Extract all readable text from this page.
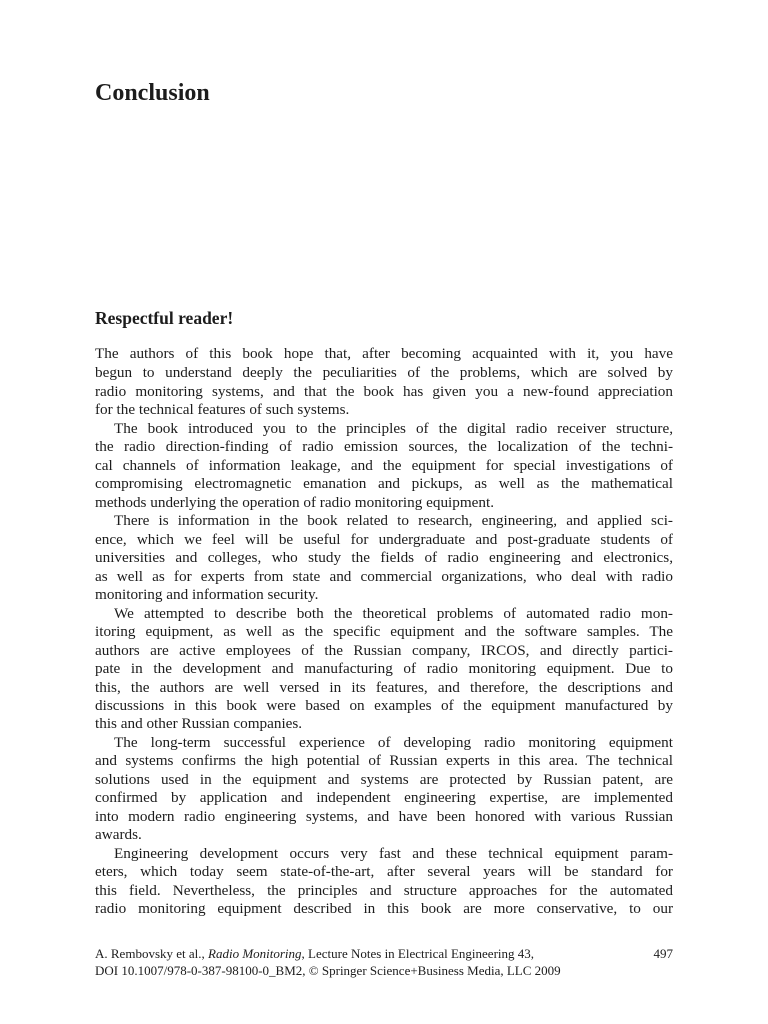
Conclusion
Respectful reader!
The authors of this book hope that, after becoming acquainted with it, you have
begun to understand deeply the peculiarities of the problems, which are solved by
radio monitoring systems, and that the book has given you a new-found appreciation
for the technical features of such systems.
The book introduced you to the principles of the digital radio receiver structure,
the radio direction-finding of radio emission sources, the localization of the techni-
cal channels of information leakage, and the equipment for special investigations of
compromising electromagnetic emanation and pickups, as well as the mathematical
methods underlying the operation of radio monitoring equipment.
There is information in the book related to research, engineering, and applied sci-
ence, which we feel will be useful for undergraduate and post-graduate students of
universities and colleges, who study the fields of radio engineering and electronics,
as well as for experts from state and commercial organizations, who deal with radio
monitoring and information security.
We attempted to describe both the theoretical problems of automated radio mon-
itoring equipment, as well as the specific equipment and the software samples. The
authors are active employees of the Russian company, IRCOS, and directly partici-
pate in the development and manufacturing of radio monitoring equipment. Due to
this, the authors are well versed in its features, and therefore, the descriptions and
discussions in this book were based on examples of the equipment manufactured by
this and other Russian companies.
The long-term successful experience of developing radio monitoring equipment
and systems confirms the high potential of Russian experts in this area. The technical
solutions used in the equipment and systems are protected by Russian patent, are
confirmed by application and independent engineering expertise, are implemented
into modern radio engineering systems, and have been honored with various Russian
awards.
Engineering development occurs very fast and these technical equipment param-
eters, which today seem state-of-the-art, after several years will be standard for
this field. Nevertheless, the principles and structure approaches for the automated
radio monitoring equipment described in this book are more conservative, to our
A. Rembovsky et al., Radio Monitoring, Lecture Notes in Electrical Engineering 43,	497
DOI 10.1007/978-0-387-98100-0_BM2, © Springer Science+Business Media, LLC 2009
